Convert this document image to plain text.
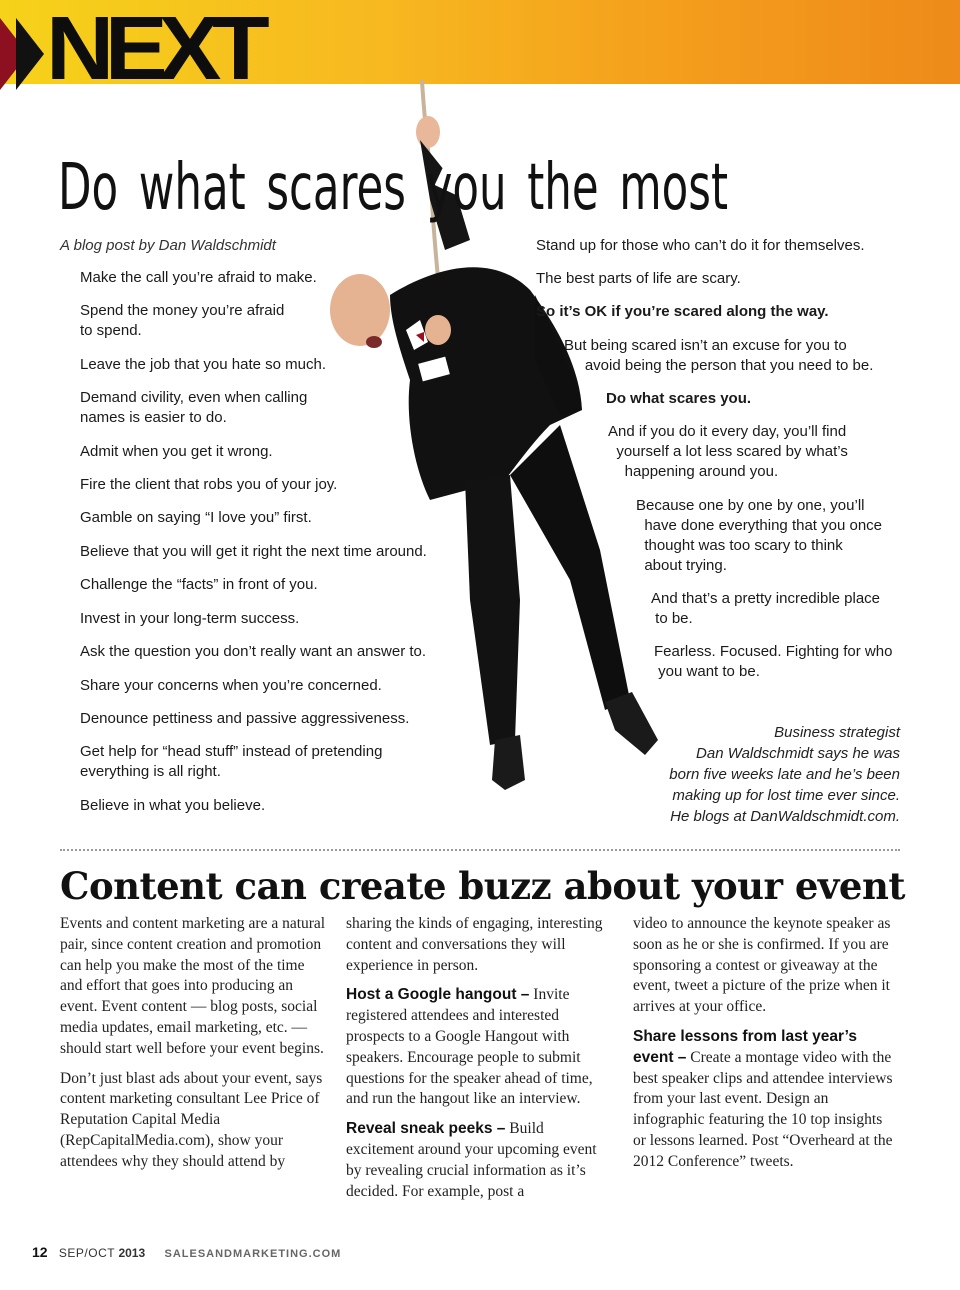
NEXT
Do what scares you the most
A blog post by Dan Waldschmidt

Make the call you’re afraid to make.

Spend the money you’re afraid
to spend.

Leave the job that you hate so much.

Demand civility, even when calling
names is easier to do.

Admit when you get it wrong.

Fire the client that robs you of your joy.

Gamble on saying “I love you” first.

Believe that you will get it right the next time around.

Challenge the “facts” in front of you.

Invest in your long-term success.

Ask the question you don’t really want an answer to.

Share your concerns when you’re concerned.

Denounce pettiness and passive aggressiveness.

Get help for “head stuff” instead of pretending
everything is all right.

Believe in what you believe.

Stand up for those who can’t do it for themselves.

The best parts of life are scary.

So it’s OK if you’re scared along the way.

But being scared isn’t an excuse for you to
avoid being the person that you need to be.

Do what scares you.

And if you do it every day, you’ll find
yourself a lot less scared by what’s
happening around you.

Because one by one by one, you’ll
have done everything that you once
thought was too scary to think
about trying.

And that’s a pretty incredible place
to be.

Fearless. Focused. Fighting for who
you want to be.

Business strategist
Dan Waldschmidt says he was
born five weeks late and he’s been
making up for lost time ever since.
He blogs at DanWaldschmidt.com.
Content can create buzz about your event

Events and content marketing are a natural pair, since content creation and promotion can help you make the most of the time and effort that goes into producing an event. Event content — blog posts, social media updates, email marketing, etc. — should start well before your event begins.

Don’t just blast ads about your event, says content marketing consultant Lee Price of Reputation Capital Media (RepCapitalMedia.com), show your attendees why they should attend by

sharing the kinds of engaging, interesting content and conversations they will experience in person.

Host a Google hangout – Invite registered attendees and interested prospects to a Google Hangout with speakers. Encourage people to submit questions for the speaker ahead of time, and run the hangout like an interview.

Reveal sneak peeks – Build excitement around your upcoming event by revealing crucial information as it’s decided. For example, post a

video to announce the keynote speaker as soon as he or she is confirmed. If you are sponsoring a contest or giveaway at the event, tweet a picture of the prize when it arrives at your office.

Share lessons from last year’s event – Create a montage video with the best speaker clips and attendee interviews from your last event. Design an infographic featuring the 10 top insights or lessons learned. Post “Overheard at the 2012 Conference” tweets.

12 SEP/OCT 2013 SALESANDMARKETING.COM
